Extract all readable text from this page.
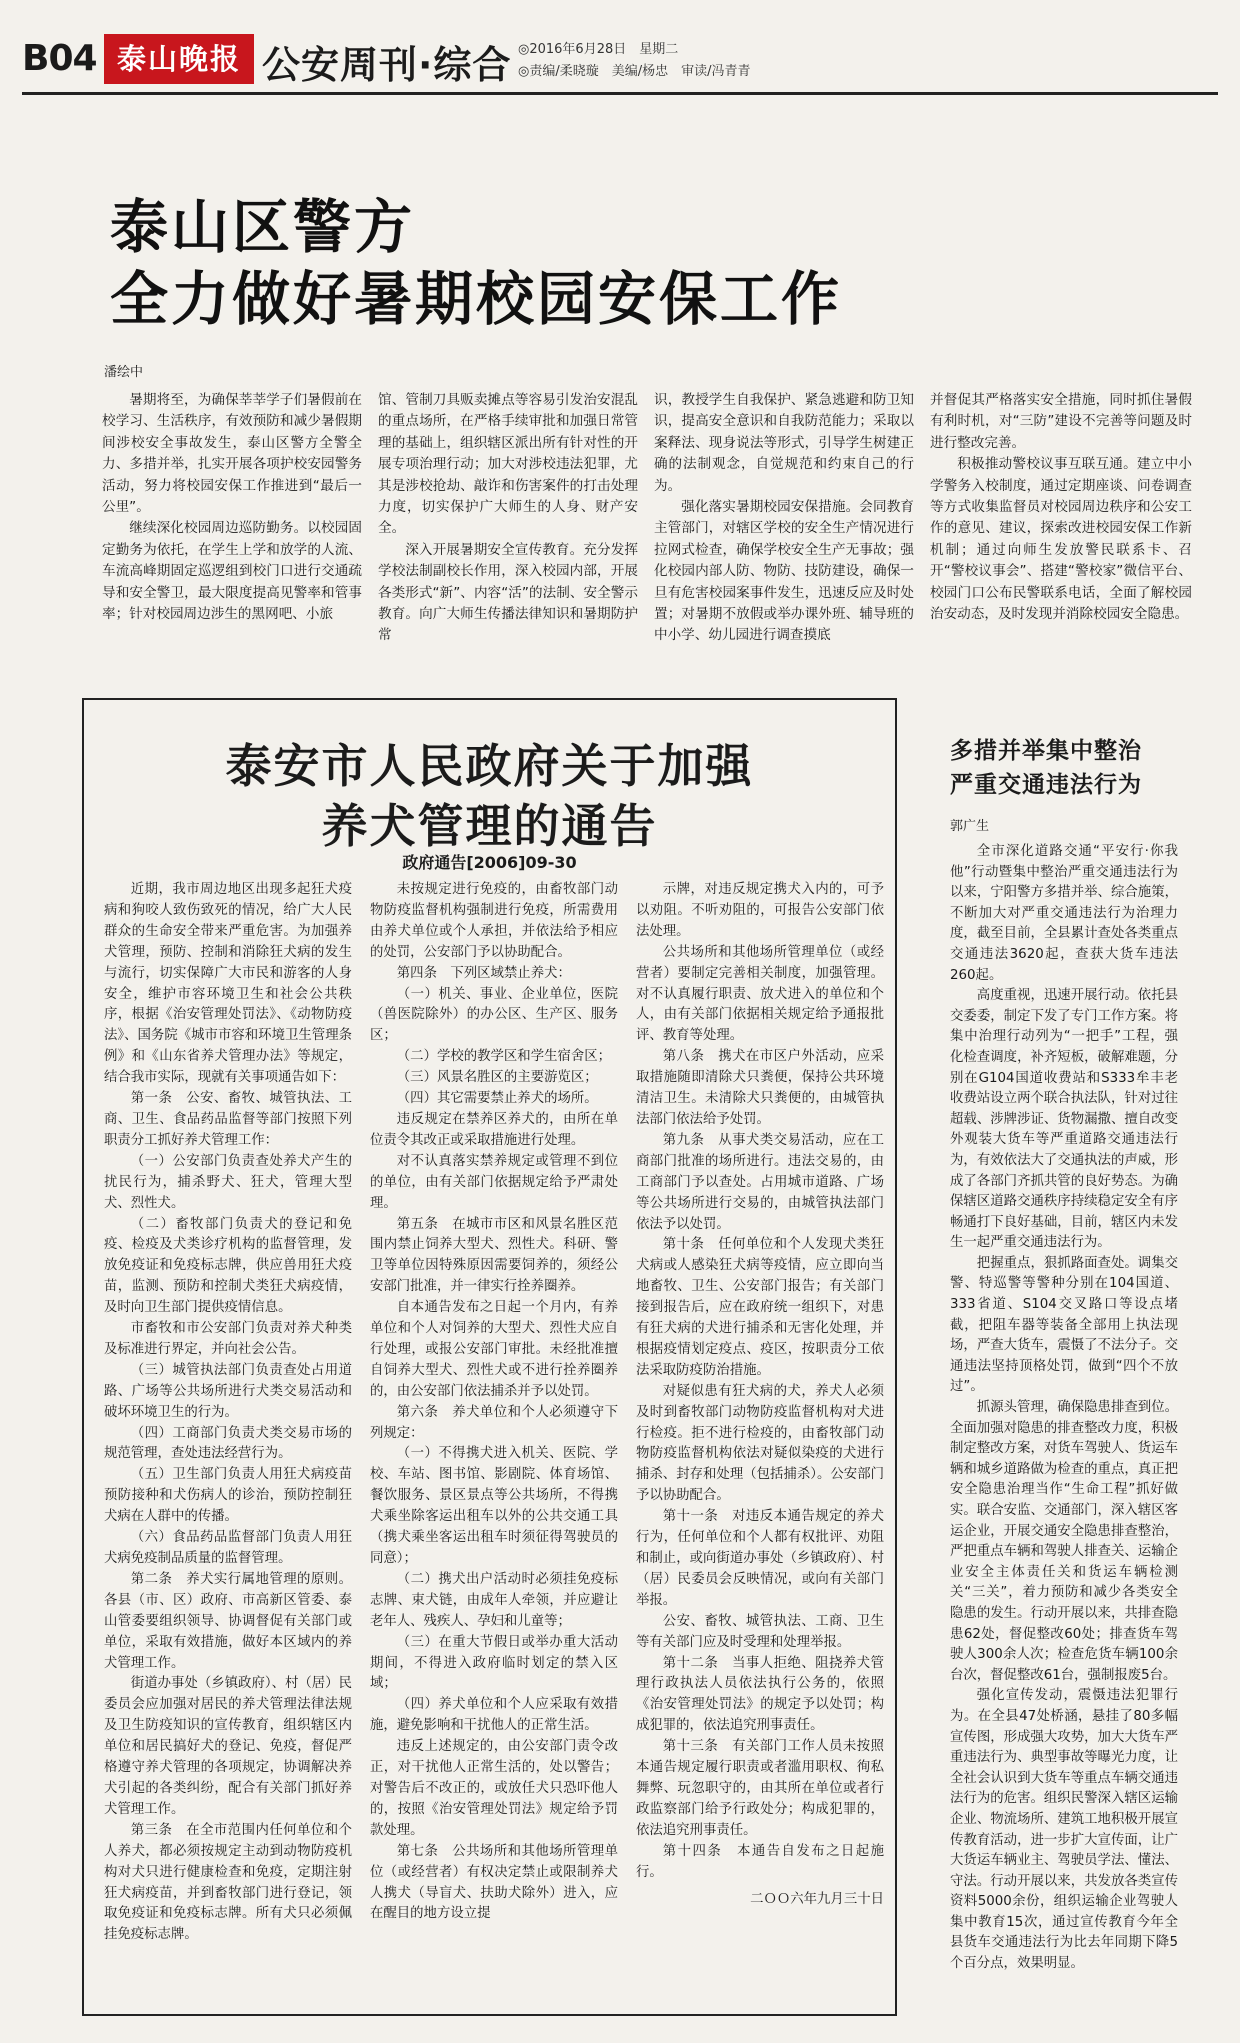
B04 泰山晚报 公安周刊·综合 ◎2016年6月28日　星期二
◎责编/柔晓璇　美编/杨忠　审读/冯青青
泰山区警方
全力做好暑期校园安保工作
潘绘中

暑期将至，为确保莘莘学子们暑假前在校学习、生活秩序，有效预防和减少暑假期间涉校安全事故发生，泰山区警方全警全力、多措并举，扎实开展各项护校安园警务活动，努力将校园安保工作推进到“最后一公里”。

继续深化校园周边巡防勤务。以校园固定勤务为依托，在学生上学和放学的人流、车流高峰期固定巡逻组到校门口进行交通疏导和安全警卫，最大限度提高见警率和管事率；针对校园周边涉生的黑网吧、小旅

馆、管制刀具贩卖摊点等容易引发治安混乱的重点场所，在严格手续审批和加强日常管理的基础上，组织辖区派出所有针对性的开展专项治理行动；加大对涉校违法犯罪，尤其是涉校抢劫、敲诈和伤害案件的打击处理力度，切实保护广大师生的人身、财产安全。

深入开展暑期安全宣传教育。充分发挥学校法制副校长作用，深入校园内部，开展各类形式“新”、内容“活”的法制、安全警示教育。向广大师生传播法律知识和暑期防护常

识，教授学生自我保护、紧急逃避和防卫知识，提高安全意识和自我防范能力；采取以案释法、现身说法等形式，引导学生树建正确的法制观念，自觉规范和约束自己的行为。

强化落实暑期校园安保措施。会同教育主管部门，对辖区学校的安全生产情况进行拉网式检查，确保学校安全生产无事故；强化校园内部人防、物防、技防建设，确保一旦有危害校园案事件发生，迅速反应及时处置；对暑期不放假或举办课外班、辅导班的中小学、幼儿园进行调查摸底

并督促其严格落实安全措施，同时抓住暑假有利时机，对“三防”建设不完善等问题及时进行整改完善。

积极推动警校议事互联互通。建立中小学警务入校制度，通过定期座谈、问卷调查等方式收集监督员对校园周边秩序和公安工作的意见、建议，探索改进校园安保工作新机制；通过向师生发放警民联系卡、召开“警校议事会”、搭建“警校家”微信平台、校园门口公布民警联系电话，全面了解校园治安动态，及时发现并消除校园安全隐患。

泰安市人民政府关于加强
养犬管理的通告
政府通告[2006]09-30

近期，我市周边地区出现多起狂犬疫病和狗咬人致伤致死的情况，给广大人民群众的生命安全带来严重危害。为加强养犬管理，预防、控制和消除狂犬病的发生与流行，切实保障广大市民和游客的人身安全，维护市容环境卫生和社会公共秩序，根据《治安管理处罚法》、《动物防疫法》、国务院《城市市容和环境卫生管理条例》和《山东省养犬管理办法》等规定，结合我市实际，现就有关事项通告如下：

第一条　公安、畜牧、城管执法、工商、卫生、食品药品监督等部门按照下列职责分工抓好养犬管理工作：

（一）公安部门负责查处养犬产生的扰民行为，捕杀野犬、狂犬，管理大型犬、烈性犬。

（二）畜牧部门负责犬的登记和免疫、检疫及犬类诊疗机构的监督管理，发放免疫证和免疫标志牌，供应兽用狂犬疫苗，监测、预防和控制犬类狂犬病疫情，及时向卫生部门提供疫情信息。

市畜牧和市公安部门负责对养犬种类及标准进行界定，并向社会公告。

（三）城管执法部门负责查处占用道路、广场等公共场所进行犬类交易活动和破坏环境卫生的行为。

（四）工商部门负责犬类交易市场的规范管理，查处违法经营行为。

（五）卫生部门负责人用狂犬病疫苗预防接种和犬伤病人的诊治，预防控制狂犬病在人群中的传播。

（六）食品药品监督部门负责人用狂犬病免疫制品质量的监督管理。

第二条　养犬实行属地管理的原则。各县（市、区）政府、市高新区管委、泰山管委要组织领导、协调督促有关部门或单位，采取有效措施，做好本区域内的养犬管理工作。

街道办事处（乡镇政府）、村（居）民委员会应加强对居民的养犬管理法律法规及卫生防疫知识的宣传教育，组织辖区内单位和居民搞好犬的登记、免疫，督促严格遵守养犬管理的各项规定，协调解决养犬引起的各类纠纷，配合有关部门抓好养犬管理工作。

第三条　在全市范围内任何单位和个人养犬，都必须按规定主动到动物防疫机构对犬只进行健康检查和免疫，定期注射狂犬病疫苗，并到畜牧部门进行登记，领取免疫证和免疫标志牌。所有犬只必须佩挂免疫标志牌。

未按规定进行免疫的，由畜牧部门动物防疫监督机构强制进行免疫，所需费用由养犬单位或个人承担，并依法给予相应的处罚，公安部门予以协助配合。

第四条　下列区域禁止养犬：

（一）机关、事业、企业单位，医院（兽医院除外）的办公区、生产区、服务区；

（二）学校的教学区和学生宿舍区；

（三）风景名胜区的主要游览区；

（四）其它需要禁止养犬的场所。

违反规定在禁养区养犬的，由所在单位责令其改正或采取措施进行处理。

对不认真落实禁养规定或管理不到位的单位，由有关部门依据规定给予严肃处理。

第五条　在城市市区和风景名胜区范围内禁止饲养大型犬、烈性犬。科研、警卫等单位因特殊原因需要饲养的，须经公安部门批准，并一律实行拴养圈养。

自本通告发布之日起一个月内，有养单位和个人对饲养的大型犬、烈性犬应自行处理，或报公安部门审批。未经批准擅自饲养大型犬、烈性犬或不进行拴养圈养的，由公安部门依法捕杀并予以处罚。

第六条　养犬单位和个人必须遵守下列规定：

（一）不得携犬进入机关、医院、学校、车站、图书馆、影剧院、体育场馆、餐饮服务、景区景点等公共场所，不得携犬乘坐除客运出租车以外的公共交通工具（携犬乘坐客运出租车时须征得驾驶员的同意）；

（二）携犬出户活动时必须挂免疫标志牌、束犬链，由成年人牵领，并应避让老年人、残疾人、孕妇和儿童等；

（三）在重大节假日或举办重大活动期间，不得进入政府临时划定的禁入区域；

（四）养犬单位和个人应采取有效措施，避免影响和干扰他人的正常生活。

违反上述规定的，由公安部门责令改正，对干扰他人正常生活的，处以警告；对警告后不改正的，或放任犬只恐吓他人的，按照《治安管理处罚法》规定给予罚款处理。

第七条　公共场所和其他场所管理单位（或经营者）有权决定禁止或限制养犬人携犬（导盲犬、扶助犬除外）进入，应在醒目的地方设立提

示牌，对违反规定携犬入内的，可予以劝阻。不听劝阻的，可报告公安部门依法处理。

公共场所和其他场所管理单位（或经营者）要制定完善相关制度，加强管理。对不认真履行职责、放犬进入的单位和个人，由有关部门依据相关规定给予通报批评、教育等处理。

第八条　携犬在市区户外活动，应采取措施随即清除犬只粪便，保持公共环境清洁卫生。未清除犬只粪便的，由城管执法部门依法给予处罚。

第九条　从事犬类交易活动，应在工商部门批准的场所进行。违法交易的，由工商部门予以查处。占用城市道路、广场等公共场所进行交易的，由城管执法部门依法予以处罚。

第十条　任何单位和个人发现犬类狂犬病或人感染狂犬病等疫情，应立即向当地畜牧、卫生、公安部门报告；有关部门接到报告后，应在政府统一组织下，对患有狂犬病的犬进行捕杀和无害化处理，并根据疫情划定疫点、疫区，按职责分工依法采取防疫防治措施。

对疑似患有狂犬病的犬，养犬人必须及时到畜牧部门动物防疫监督机构对犬进行检疫。拒不进行检疫的，由畜牧部门动物防疫监督机构依法对疑似染疫的犬进行捕杀、封存和处理（包括捕杀）。公安部门予以协助配合。

第十一条　对违反本通告规定的养犬行为，任何单位和个人都有权批评、劝阻和制止，或向街道办事处（乡镇政府）、村（居）民委员会反映情况，或向有关部门举报。

公安、畜牧、城管执法、工商、卫生等有关部门应及时受理和处理举报。

第十二条　当事人拒绝、阻挠养犬管理行政执法人员依法执行公务的，依照《治安管理处罚法》的规定予以处罚；构成犯罪的，依法追究刑事责任。

第十三条　有关部门工作人员未按照本通告规定履行职责或者滥用职权、徇私舞弊、玩忽职守的，由其所在单位或者行政监察部门给予行政处分；构成犯罪的，依法追究刑事责任。

第十四条　本通告自发布之日起施行。

二ＯＯ六年九月三十日

多措并举集中整治
严重交通违法行为
郭广生

全市深化道路交通“平安行·你我他”行动暨集中整治严重交通违法行为以来，宁阳警方多措并举、综合施策，不断加大对严重交通违法行为治理力度，截至目前，全县累计查处各类重点交通违法3620起，查获大货车违法260起。

高度重视，迅速开展行动。依托县交委委，制定下发了专门工作方案。将集中治理行动列为“一把手”工程，强化检查调度，补齐短板，破解难题，分别在G104国道收费站和S333牟丰老收费站设立两个联合执法队，针对过往超载、涉牌涉证、货物漏撒、擅自改变外观装大货车等严重道路交通违法行为，有效依法大了交通执法的声威，形成了各部门齐抓共管的良好势态。为确保辖区道路交通秩序持续稳定安全有序畅通打下良好基础，目前，辖区内未发生一起严重交通违法行为。

把握重点，狠抓路面查处。调集交警、特巡警等警种分别在104国道、333省道、S104交叉路口等设点堵截，把阻车器等装备全部用上执法现场，严查大货车，震慑了不法分子。交通违法坚持顶格处罚，做到“四个不放过”。

抓源头管理，确保隐患排查到位。全面加强对隐患的排查整改力度，积极制定整改方案，对货车驾驶人、货运车辆和城乡道路做为检查的重点，真正把安全隐患治理当作“生命工程”抓好做实。联合安监、交通部门，深入辖区客运企业，开展交通安全隐患排查整治，严把重点车辆和驾驶人排查关、运输企业安全主体责任关和货运车辆检测关“三关”，着力预防和减少各类安全隐患的发生。行动开展以来，共排查隐患62处，督促整改60处；排查货车驾驶人300余人次；检查危货车辆100余台次，督促整改61台，强制报废5台。

强化宣传发动，震慑违法犯罪行为。在全县47处桥涵，悬挂了80多幅宣传图，形成强大攻势，加大大货车严重违法行为、典型事故等曝光力度，让全社会认识到大货车等重点车辆交通违法行为的危害。组织民警深入辖区运输企业、物流场所、建筑工地积极开展宣传教育活动，进一步扩大宣传面，让广大货运车辆业主、驾驶员学法、懂法、守法。行动开展以来，共发放各类宣传资料5000余份，组织运输企业驾驶人集中教育15次，通过宣传教育今年全县货车交通违法行为比去年同期下降5个百分点，效果明显。
